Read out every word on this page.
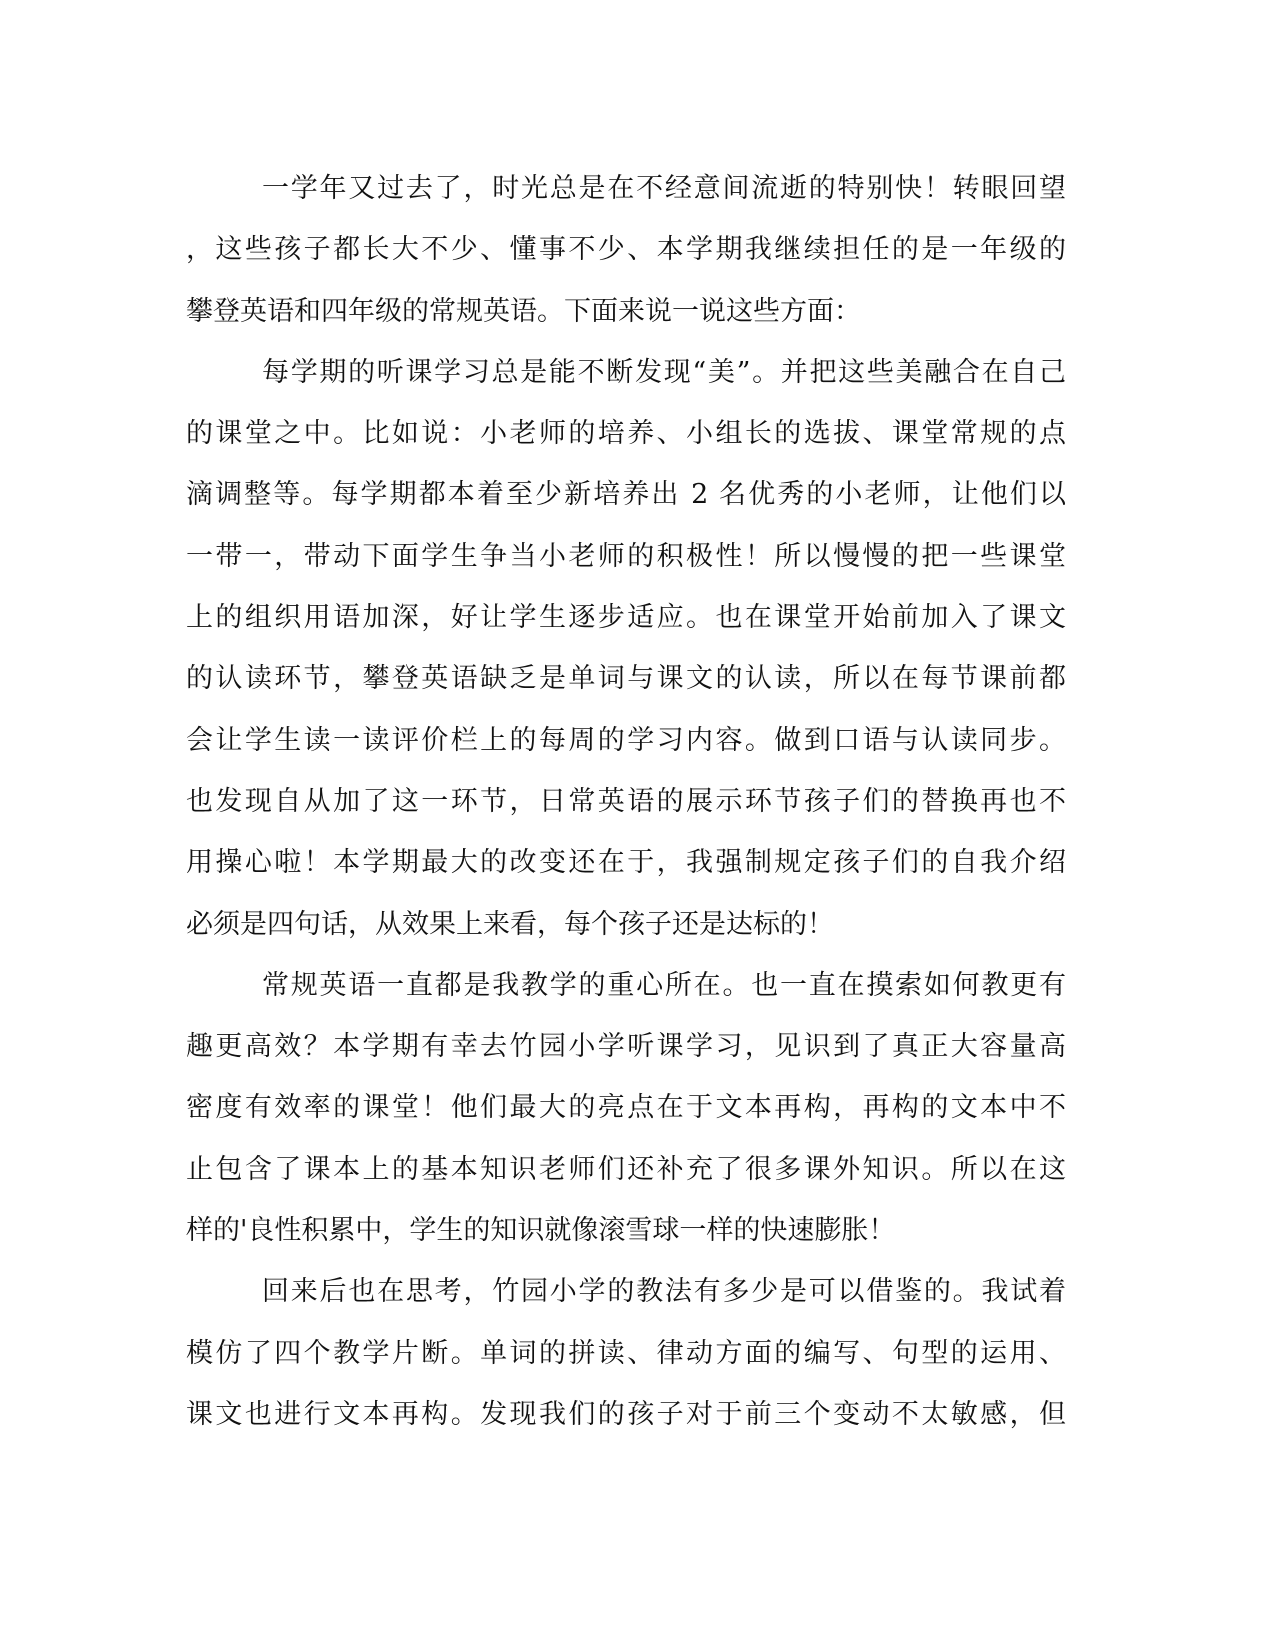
一学年又过去了，时光总是在不经意间流逝的特别快！转眼回望
，这些孩子都长大不少、懂事不少、本学期我继续担任的是一年级的
攀登英语和四年级的常规英语。下面来说一说这些方面：
每学期的听课学习总是能不断发现“美”。并把这些美融合在自己
的课堂之中。比如说：小老师的培养、小组长的选拔、课堂常规的点
滴调整等。每学期都本着至少新培养出 2 名优秀的小老师，让他们以
一带一，带动下面学生争当小老师的积极性！所以慢慢的把一些课堂
上的组织用语加深，好让学生逐步适应。也在课堂开始前加入了课文
的认读环节，攀登英语缺乏是单词与课文的认读，所以在每节课前都
会让学生读一读评价栏上的每周的学习内容。做到口语与认读同步。
也发现自从加了这一环节，日常英语的展示环节孩子们的替换再也不
用操心啦！本学期最大的改变还在于，我强制规定孩子们的自我介绍
必须是四句话，从效果上来看，每个孩子还是达标的！
常规英语一直都是我教学的重心所在。也一直在摸索如何教更有
趣更高效？本学期有幸去竹园小学听课学习，见识到了真正大容量高
密度有效率的课堂！他们最大的亮点在于文本再构，再构的文本中不
止包含了课本上的基本知识老师们还补充了很多课外知识。所以在这
样的'良性积累中，学生的知识就像滚雪球一样的快速膨胀！
回来后也在思考，竹园小学的教法有多少是可以借鉴的。我试着
模仿了四个教学片断。单词的拼读、律动方面的编写、句型的运用、
课文也进行文本再构。发现我们的孩子对于前三个变动不太敏感，但
